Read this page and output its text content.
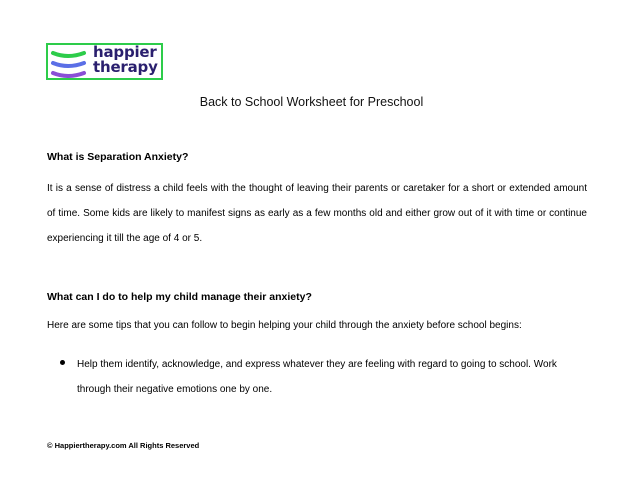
happier
therapy
Back to School Worksheet for Preschool
What is Separation Anxiety?
It is a sense of distress a child feels with the thought of leaving their parents or caretaker for a short or extended amount of time. Some kids are likely to manifest signs as early as a few months old and either grow out of it with time or continue experiencing it till the age of 4 or 5.
What can I do to help my child manage their anxiety?
Here are some tips that you can follow to begin helping your child through the anxiety before school begins:
Help them identify, acknowledge, and express whatever they are feeling with regard to going to school. Work through their negative emotions one by one.
© Happiertherapy.com All Rights Reserved
